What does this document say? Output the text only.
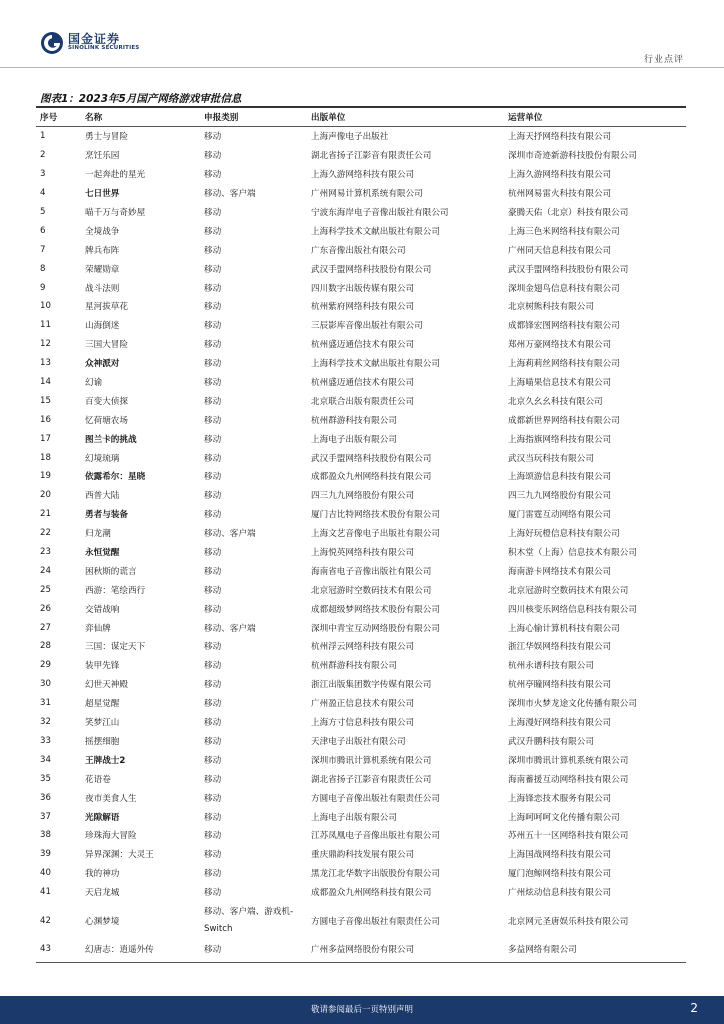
国金证券
SINOLINK SECURITIES
行业点评
图表1：2023年5月国产网络游戏审批信息
序号	名称	申报类别	出版单位	运营单位
1	勇士与冒险	移动	上海声像电子出版社	上海天抒网络科技有限公司
2	烹饪乐园	移动	湖北省扬子江影音有限责任公司	深圳市奇迹新游科技股份有限公司
3	一起奔赴的星光	移动	上海久游网络科技有限公司	上海久游网络科技有限公司
4	七日世界	移动、客户端	广州网易计算机系统有限公司	杭州网易雷火科技有限公司
5	喵千万与奇妙屋	移动	宁波东海岸电子音像出版社有限公司	豪腾天佑（北京）科技有限公司
6	全境战争	移动	上海科学技术文献出版社有限公司	上海三色米网络科技有限公司
7	牌兵布阵	移动	广东音像出版社有限公司	广州同天信息科技有限公司
8	荣耀勋章	移动	武汉手盟网络科技股份有限公司	武汉手盟网络科技股份有限公司
9	战斗法则	移动	四川数字出版传媒有限公司	深圳金翅鸟信息科技有限公司
10	星河拔草花	移动	杭州紫府网络科技有限公司	北京树熊科技有限公司
11	山海倒迷	移动	三辰影库音像出版社有限公司	成都锋宏图网络科技有限公司
12	三国大冒险	移动	杭州盛迈通信技术有限公司	郑州万豪网络技术有限公司
13	众神派对	移动	上海科学技术文献出版社有限公司	上海莉莉丝网络科技有限公司
14	幻谕	移动	杭州盛迈通信技术有限公司	上海喵果信息技术有限公司
15	百变大侦探	移动	北京联合出版有限责任公司	北京久幺幺科技有限公司
16	忆荷塘农场	移动	杭州群游科技有限公司	成都新世界网络科技有限公司
17	图兰卡的挑战	移动	上海电子出版有限公司	上海指旗网络科技有限公司
18	幻境琉璃	移动	武汉手盟网络科技股份有限公司	武汉当玩科技有限公司
19	依露希尔：星晓	移动	成都盈众九州网络科技有限公司	上海颂游信息科技有限公司
20	西普大陆	移动	四三九九网络股份有限公司	四三九九网络股份有限公司
21	勇者与装备	移动	厦门吉比特网络技术股份有限公司	厦门雷霆互动网络有限公司
22	归龙潮	移动、客户端	上海文艺音像电子出版社有限公司	上海好玩橙信息科技有限公司
23	永恒觉醒	移动	上海悦英网络科技有限公司	积木堂（上海）信息技术有限公司
24	困秋斯的谎言	移动	海南省电子音像出版社有限公司	海南游卡网络技术有限公司
25	西游：笔绘西行	移动	北京冠游时空数码技术有限公司	北京冠游时空数码技术有限公司
26	交错战响	移动	成都超级梦网络技术股份有限公司	四川核变乐网络信息科技有限公司
27	弈仙牌	移动、客户端	深圳中青宝互动网络股份有限公司	上海心愉计算机科技有限公司
28	三国：谋定天下	移动	杭州浮云网络科技有限公司	浙江华娱网络科技有限公司
29	装甲先锋	移动	杭州群游科技有限公司	杭州永谱科技有限公司
30	幻世天神殿	移动	浙江出版集团数字传媒有限公司	杭州亭瞳网络科技有限公司
31	超星觉醒	移动	广州盈正信息技术有限公司	深圳市火梦龙途文化传播有限公司
32	笑梦江山	移动	上海方寸信息科技有限公司	上海漫好网络科技有限公司
33	摇摆细胞	移动	天津电子出版社有限公司	武汉升鹏科技有限公司
34	王牌战士2	移动	深圳市腾讯计算机系统有限公司	深圳市腾讯计算机系统有限公司
35	花语卷	移动	湖北省扬子江影音有限责任公司	海南蓄援互动网络科技有限公司
36	夜市美食人生	移动	方圆电子音像出版社有限责任公司	上海锋恋技术服务有限公司
37	光隙解语	移动	上海电子出版有限公司	上海呵呵呵文化传播有限公司
38	珍珠海大冒险	移动	江苏凤凰电子音像出版社有限公司	苏州五十一区网络科技有限公司
39	异界深渊：大灵王	移动	重庆鼎韵科技发展有限公司	上海国战网络科技有限公司
40	我的神功	移动	黑龙江北华数字出版股份有限公司	厦门泡鲸网络科技有限公司
41	天启龙城	移动	成都盈众九州网络科技有限公司	广州炫动信息科技有限公司
42	心渊梦境	移动、客户端、游戏机-Switch	方圆电子音像出版社有限责任公司	北京网元圣唐娱乐科技有限公司
43	幻唐志：逍遥外传	移动	广州多益网络股份有限公司	多益网络有限公司
敬请参阅最后一页特别声明	2
